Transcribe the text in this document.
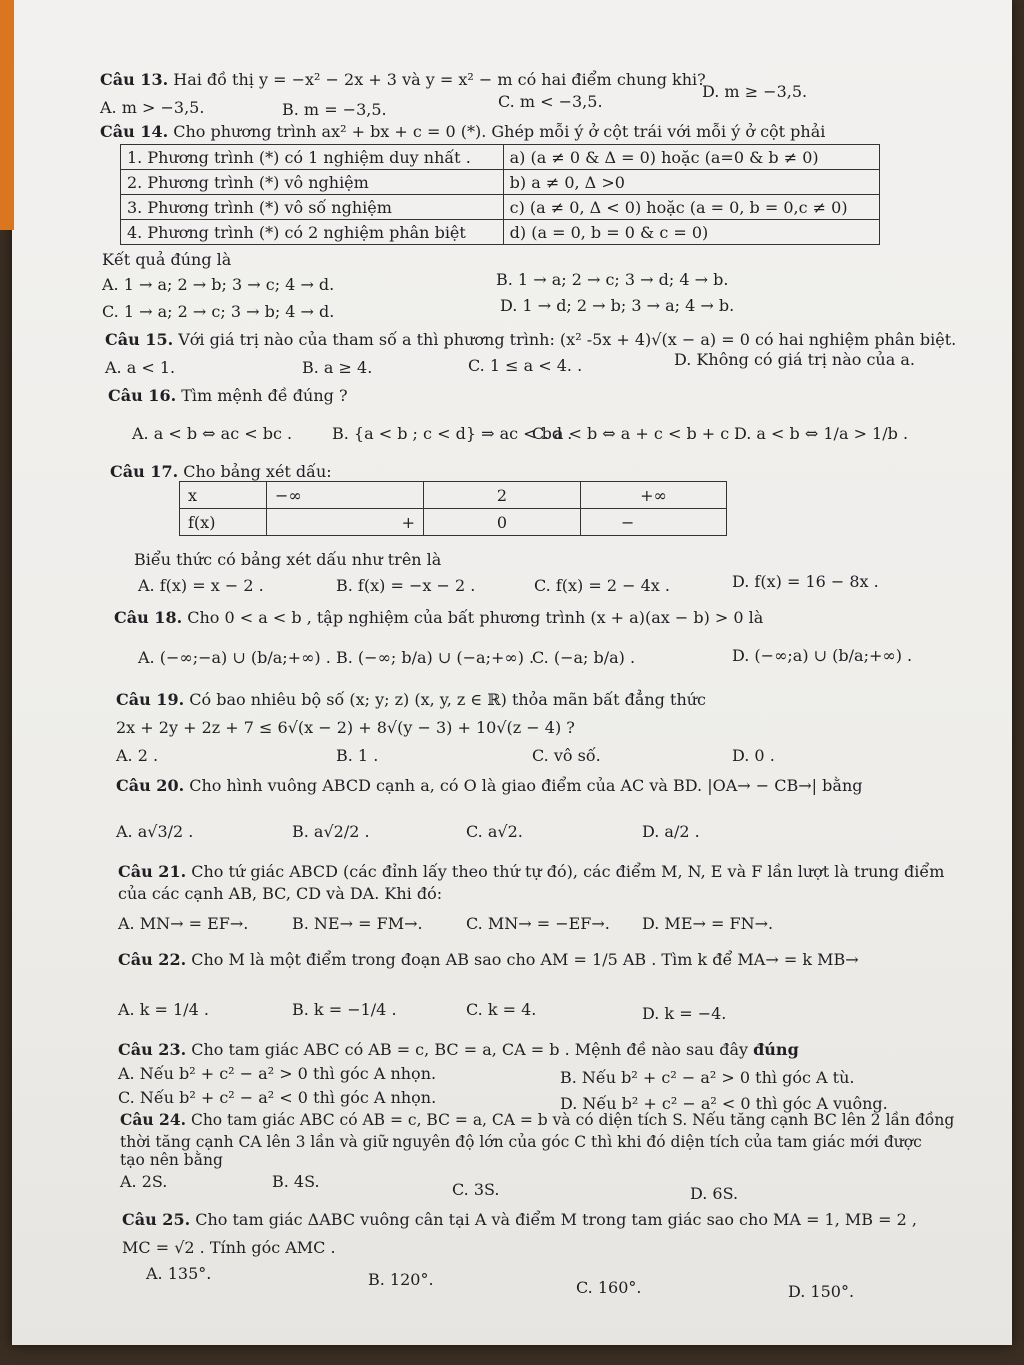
Câu 13. Hai đồ thị y = −x² − 2x + 3 và y = x² − m có hai điểm chung khi?
A. m > −3,5.	B. m = −3,5.	C. m < −3,5.
D. m ≥ −3,5.
Câu 14. Cho phương trình ax² + bx + c = 0 (*). Ghép mỗi ý ở cột trái với mỗi ý ở cột phải
1. Phương trình (*) có 1 nghiệm duy nhất .	a) (a ≠ 0 & Δ = 0) hoặc (a=0 & b ≠ 0)
2. Phương trình (*) vô nghiệm	b) a ≠ 0, Δ >0
3. Phương trình (*) vô số nghiệm	c) (a ≠ 0, Δ < 0) hoặc (a = 0, b = 0,c ≠ 0)
4. Phương trình (*) có 2 nghiệm phân biệt	d) (a = 0, b = 0 & c = 0)
Kết quả đúng là
A. 1 → a; 2 → b; 3 → c; 4 → d.	B. 1 → a; 2 → c; 3 → d; 4 → b.
C. 1 → a; 2 → c; 3 → b; 4 → d.	D. 1 → d; 2 → b; 3 → a; 4 → b.
Câu 15. Với giá trị nào của tham số a thì phương trình: (x² -5x + 4)√(x − a) = 0 có hai nghiệm phân biệt.
A. a < 1.	B. a ≥ 4.	C. 1 ≤ a < 4. .	D. Không có giá trị nào của a.
Câu 16. Tìm mệnh đề đúng ?
A. a < b ⇔ ac < bc . B. {a < b ; c < d} ⇒ ac < bd .
C. a < b ⇔ a + c < b + c .
D. a < b ⇔ 1/a > 1/b .
Câu 17. Cho bảng xét dấu:
x	−∞	2	+∞
f(x)	+	0	−
Biểu thức có bảng xét dấu như trên là
A. f(x) = x − 2 .	B. f(x) = −x − 2 .	C. f(x) = 2 − 4x .	D. f(x) = 16 − 8x .
Câu 18. Cho 0 < a < b , tập nghiệm của bất phương trình (x + a)(ax − b) > 0 là
A. (−∞;−a) ∪ (b/a;+∞) . B. (−∞; b/a) ∪ (−a;+∞) .
C. (−a; b/a) .	D. (−∞;a) ∪ (b/a;+∞) .
Câu 19. Có bao nhiêu bộ số (x; y; z) (x, y, z ∈ ℝ) thỏa mãn bất đẳng thức
2x + 2y + 2z + 7 ≤ 6√(x − 2) + 8√(y − 3) + 10√(z − 4) ?
A. 2 .	B. 1 .	C. vô số.	D. 0 .
Câu 20. Cho hình vuông ABCD cạnh a, có O là giao điểm của AC và BD. |OA→ − CB→| bằng
A. a√3/2 .	B. a√2/2 .	C. a√2.	D. a/2 .
Câu 21. Cho tứ giác ABCD (các đỉnh lấy theo thứ tự đó), các điểm M, N, E và F lần lượt là trung điểm
của các cạnh AB, BC, CD và DA. Khi đó:
A. MN→ = EF→.	B. NE→ = FM→.	C. MN→ = −EF→. D. ME→ = FN→.
Câu 22. Cho M là một điểm trong đoạn AB sao cho AM = 1/5 AB . Tìm k để MA→ = k MB→
A. k = 1/4 .	B. k = −1/4 .	C. k = 4.	D. k = −4.
Câu 23. Cho tam giác ABC có AB = c, BC = a, CA = b . Mệnh đề nào sau đây đúng
A. Nếu b² + c² − a² > 0 thì góc A nhọn.	B. Nếu b² + c² − a² > 0 thì góc A tù.
C. Nếu b² + c² − a² < 0 thì góc A nhọn.	D. Nếu b² + c² − a² < 0 thì góc A vuông.
Câu 24. Cho tam giác ABC có AB = c, BC = a, CA = b và có diện tích S. Nếu tăng cạnh BC lên 2 lần đồng
thời tăng cạnh CA lên 3 lần và giữ nguyên độ lớn của góc C thì khi đó diện tích của tam giác mới được
tạo nên bằng
A. 2S.	B. 4S.	C. 3S.	D. 6S.
Câu 25. Cho tam giác ΔABC vuông cân tại A và điểm M trong tam giác sao cho MA = 1, MB = 2 ,
MC = √2 . Tính góc AMC .
A. 135°.	B. 120°.	C. 160°.	D. 150°.
